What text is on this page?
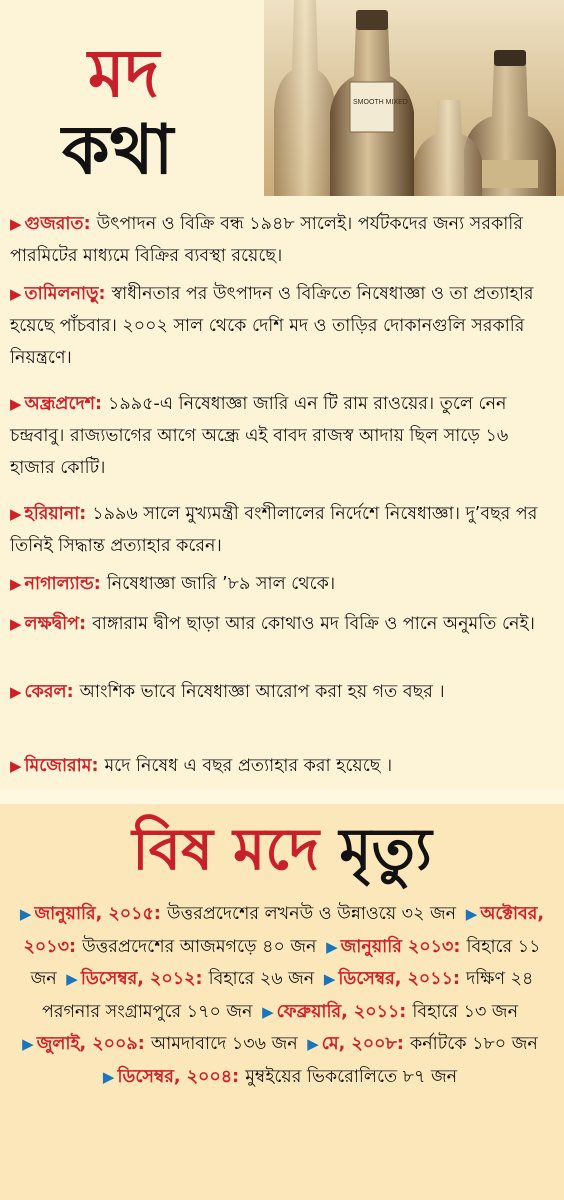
মদ
কথা
SMOOTH MIXED

▶ গুজরাত: উৎপাদন ও বিক্রি বন্ধ ১৯৪৮ সালেই। পর্যটকদের জন্য সরকারি পারমিটের মাধ্যমে বিক্রির ব্যবস্থা রয়েছে।

▶ তামিলনাড়ু: স্বাধীনতার পর উৎপাদন ও বিক্রিতে নিষেধাজ্ঞা ও তা প্রত্যাহার হয়েছে পাঁচবার। ২০০২ সাল থেকে দেশি মদ ও তাড়ির দোকানগুলি সরকারি নিয়ন্ত্রণে।

▶ অন্ধ্রপ্রদেশ: ১৯৯৫-এ নিষেধাজ্ঞা জারি এন টি রাম রাওয়ের। তুলে নেন চন্দ্রবাবু। রাজ্যভাগের আগে অন্ধ্রে এই বাবদ রাজস্ব আদায় ছিল সাড়ে ১৬ হাজার কোটি।

▶ হরিয়ানা: ১৯৯৬ সালে মুখ্যমন্ত্রী বংশীলালের নির্দেশে নিষেধাজ্ঞা। দু’বছর পর তিনিই সিদ্ধান্ত প্রত্যাহার করেন।

▶ নাগাল্যান্ড: নিষেধাজ্ঞা জারি ’৮৯ সাল থেকে।

▶ লক্ষদ্বীপ: বাঙ্গারাম দ্বীপ ছাড়া আর কোথাও মদ বিক্রি ও পানে অনুমতি নেই।

▶ কেরল: আংশিক ভাবে নিষেধাজ্ঞা আরোপ করা হয় গত বছর ।

▶ মিজোরাম: মদে নিষেধ এ বছর প্রত্যাহার করা হয়েছে ।

বিষ মদে মৃত্যু
▶ জানুয়ারি, ২০১৫: উত্তরপ্রদেশের লখনউ ও উন্নাওয়ে ৩২ জন ▶ অক্টোবর, ২০১৩: উত্তরপ্রদেশের আজমগড়ে ৪০ জন ▶ জানুয়ারি ২০১৩: বিহারে ১১ জন ▶ ডিসেম্বর, ২০১২: বিহারে ২৬ জন ▶ ডিসেম্বর, ২০১১: দক্ষিণ ২৪ পরগনার সংগ্রামপুরে ১৭০ জন ▶ ফেব্রুয়ারি, ২০১১: বিহারে ১৩ জন ▶ জুলাই, ২০০৯: আমদাবাদে ১৩৬ জন ▶ মে, ২০০৮: কর্নাটকে ১৮০ জন ▶ ডিসেম্বর, ২০০৪: মুম্বইয়ের ভিকরোলিতে ৮৭ জন
